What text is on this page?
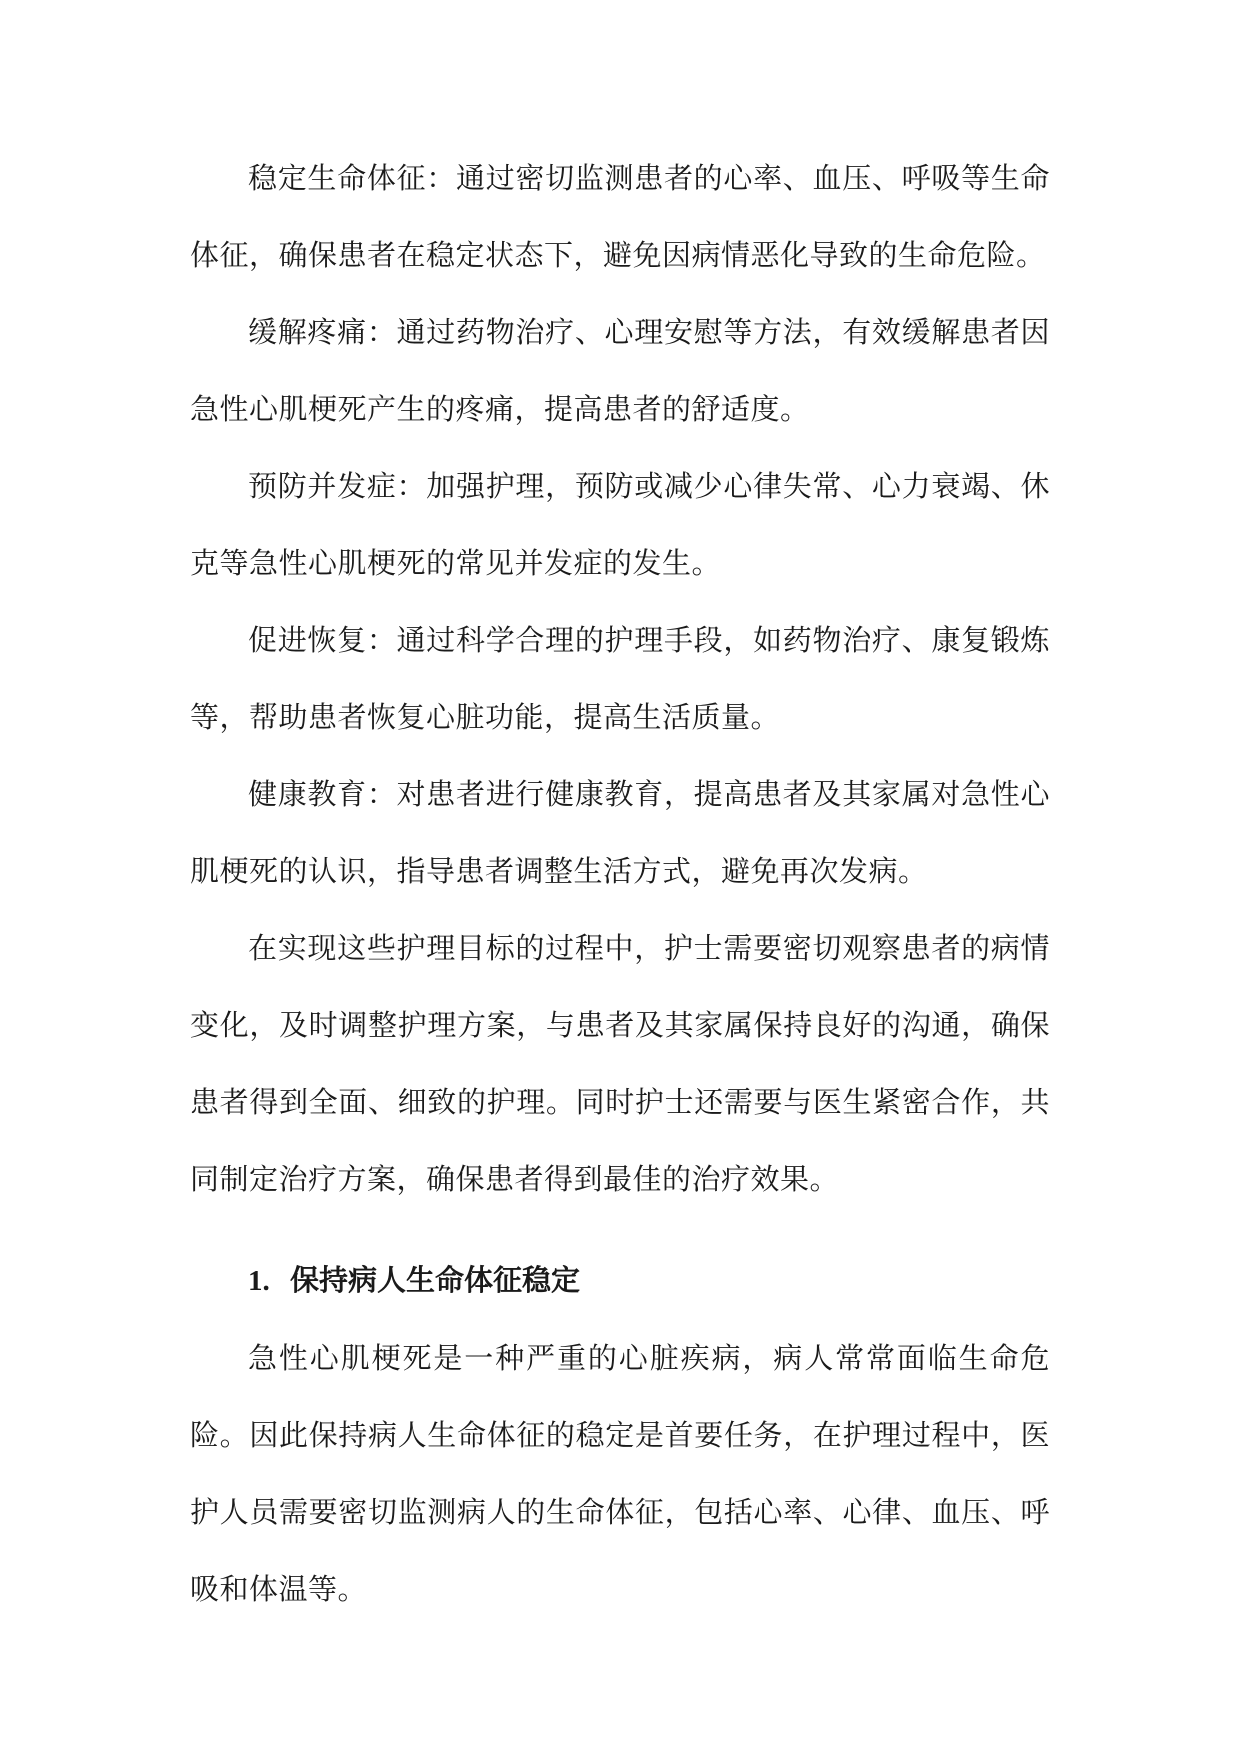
稳定生命体征：通过密切监测患者的心率、血压、呼吸等生命体征，确保患者在稳定状态下，避免因病情恶化导致的生命危险。

缓解疼痛：通过药物治疗、心理安慰等方法，有效缓解患者因急性心肌梗死产生的疼痛，提高患者的舒适度。

预防并发症：加强护理，预防或减少心律失常、心力衰竭、休克等急性心肌梗死的常见并发症的发生。

促进恢复：通过科学合理的护理手段，如药物治疗、康复锻炼等，帮助患者恢复心脏功能，提高生活质量。

健康教育：对患者进行健康教育，提高患者及其家属对急性心肌梗死的认识，指导患者调整生活方式，避免再次发病。

在实现这些护理目标的过程中，护士需要密切观察患者的病情变化，及时调整护理方案，与患者及其家属保持良好的沟通，确保患者得到全面、细致的护理。同时护士还需要与医生紧密合作，共同制定治疗方案，确保患者得到最佳的治疗效果。

1. 保持病人生命体征稳定

急性心肌梗死是一种严重的心脏疾病，病人常常面临生命危险。因此保持病人生命体征的稳定是首要任务，在护理过程中，医护人员需要密切监测病人的生命体征，包括心率、心律、血压、呼吸和体温等。
